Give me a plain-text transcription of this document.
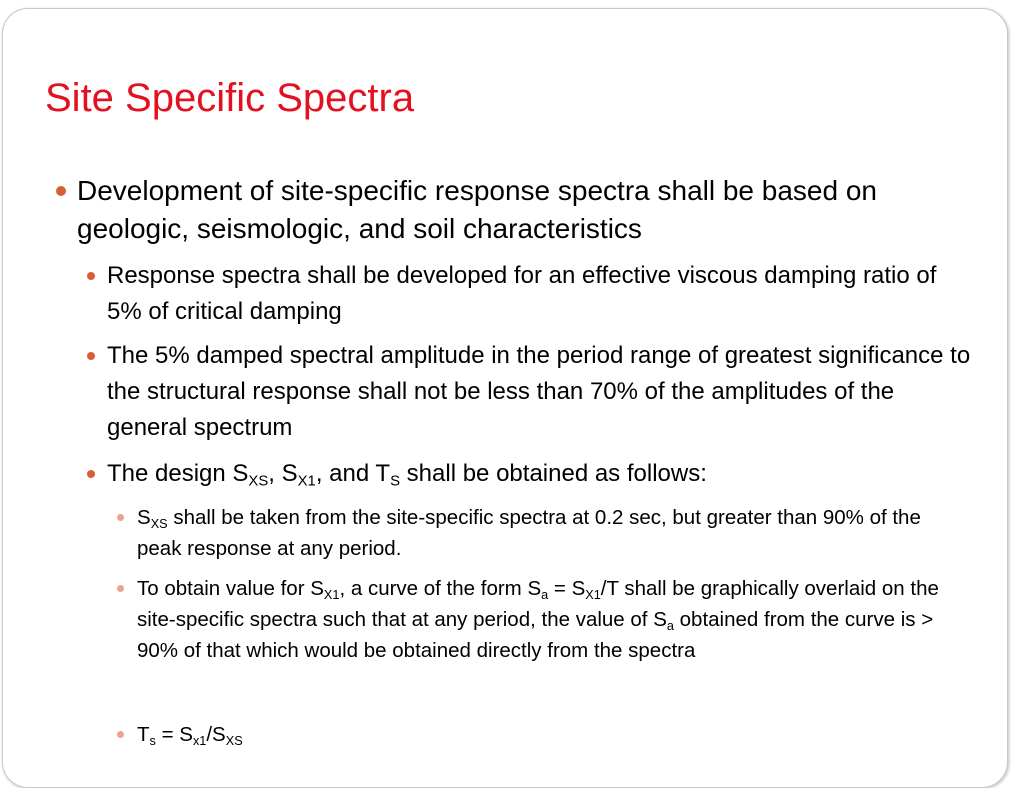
Site Specific Spectra

Development of site-specific response spectra shall be based on geologic, seismologic, and soil characteristics

Response spectra shall be developed for an effective viscous damping ratio of 5% of critical damping

The 5% damped spectral amplitude in the period range of greatest significance to the structural response shall not be less than 70% of the amplitudes of the general spectrum

The design $S_{XS}$, $S_{X1}$, and $T_S$ shall be obtained as follows:

$S_{XS}$ shall be taken from the site-specific spectra at 0.2 sec, but greater than 90% of the peak response at any period.

To obtain value for $S_{X1}$, a curve of the form $S_a = S_{X1}/T$ shall be graphically overlaid on the site-specific spectra such that at any period, the value of $S_a$ obtained from the curve is > 90% of that which would be obtained directly from the spectra

$T_s = S_{x1}/S_{XS}$
